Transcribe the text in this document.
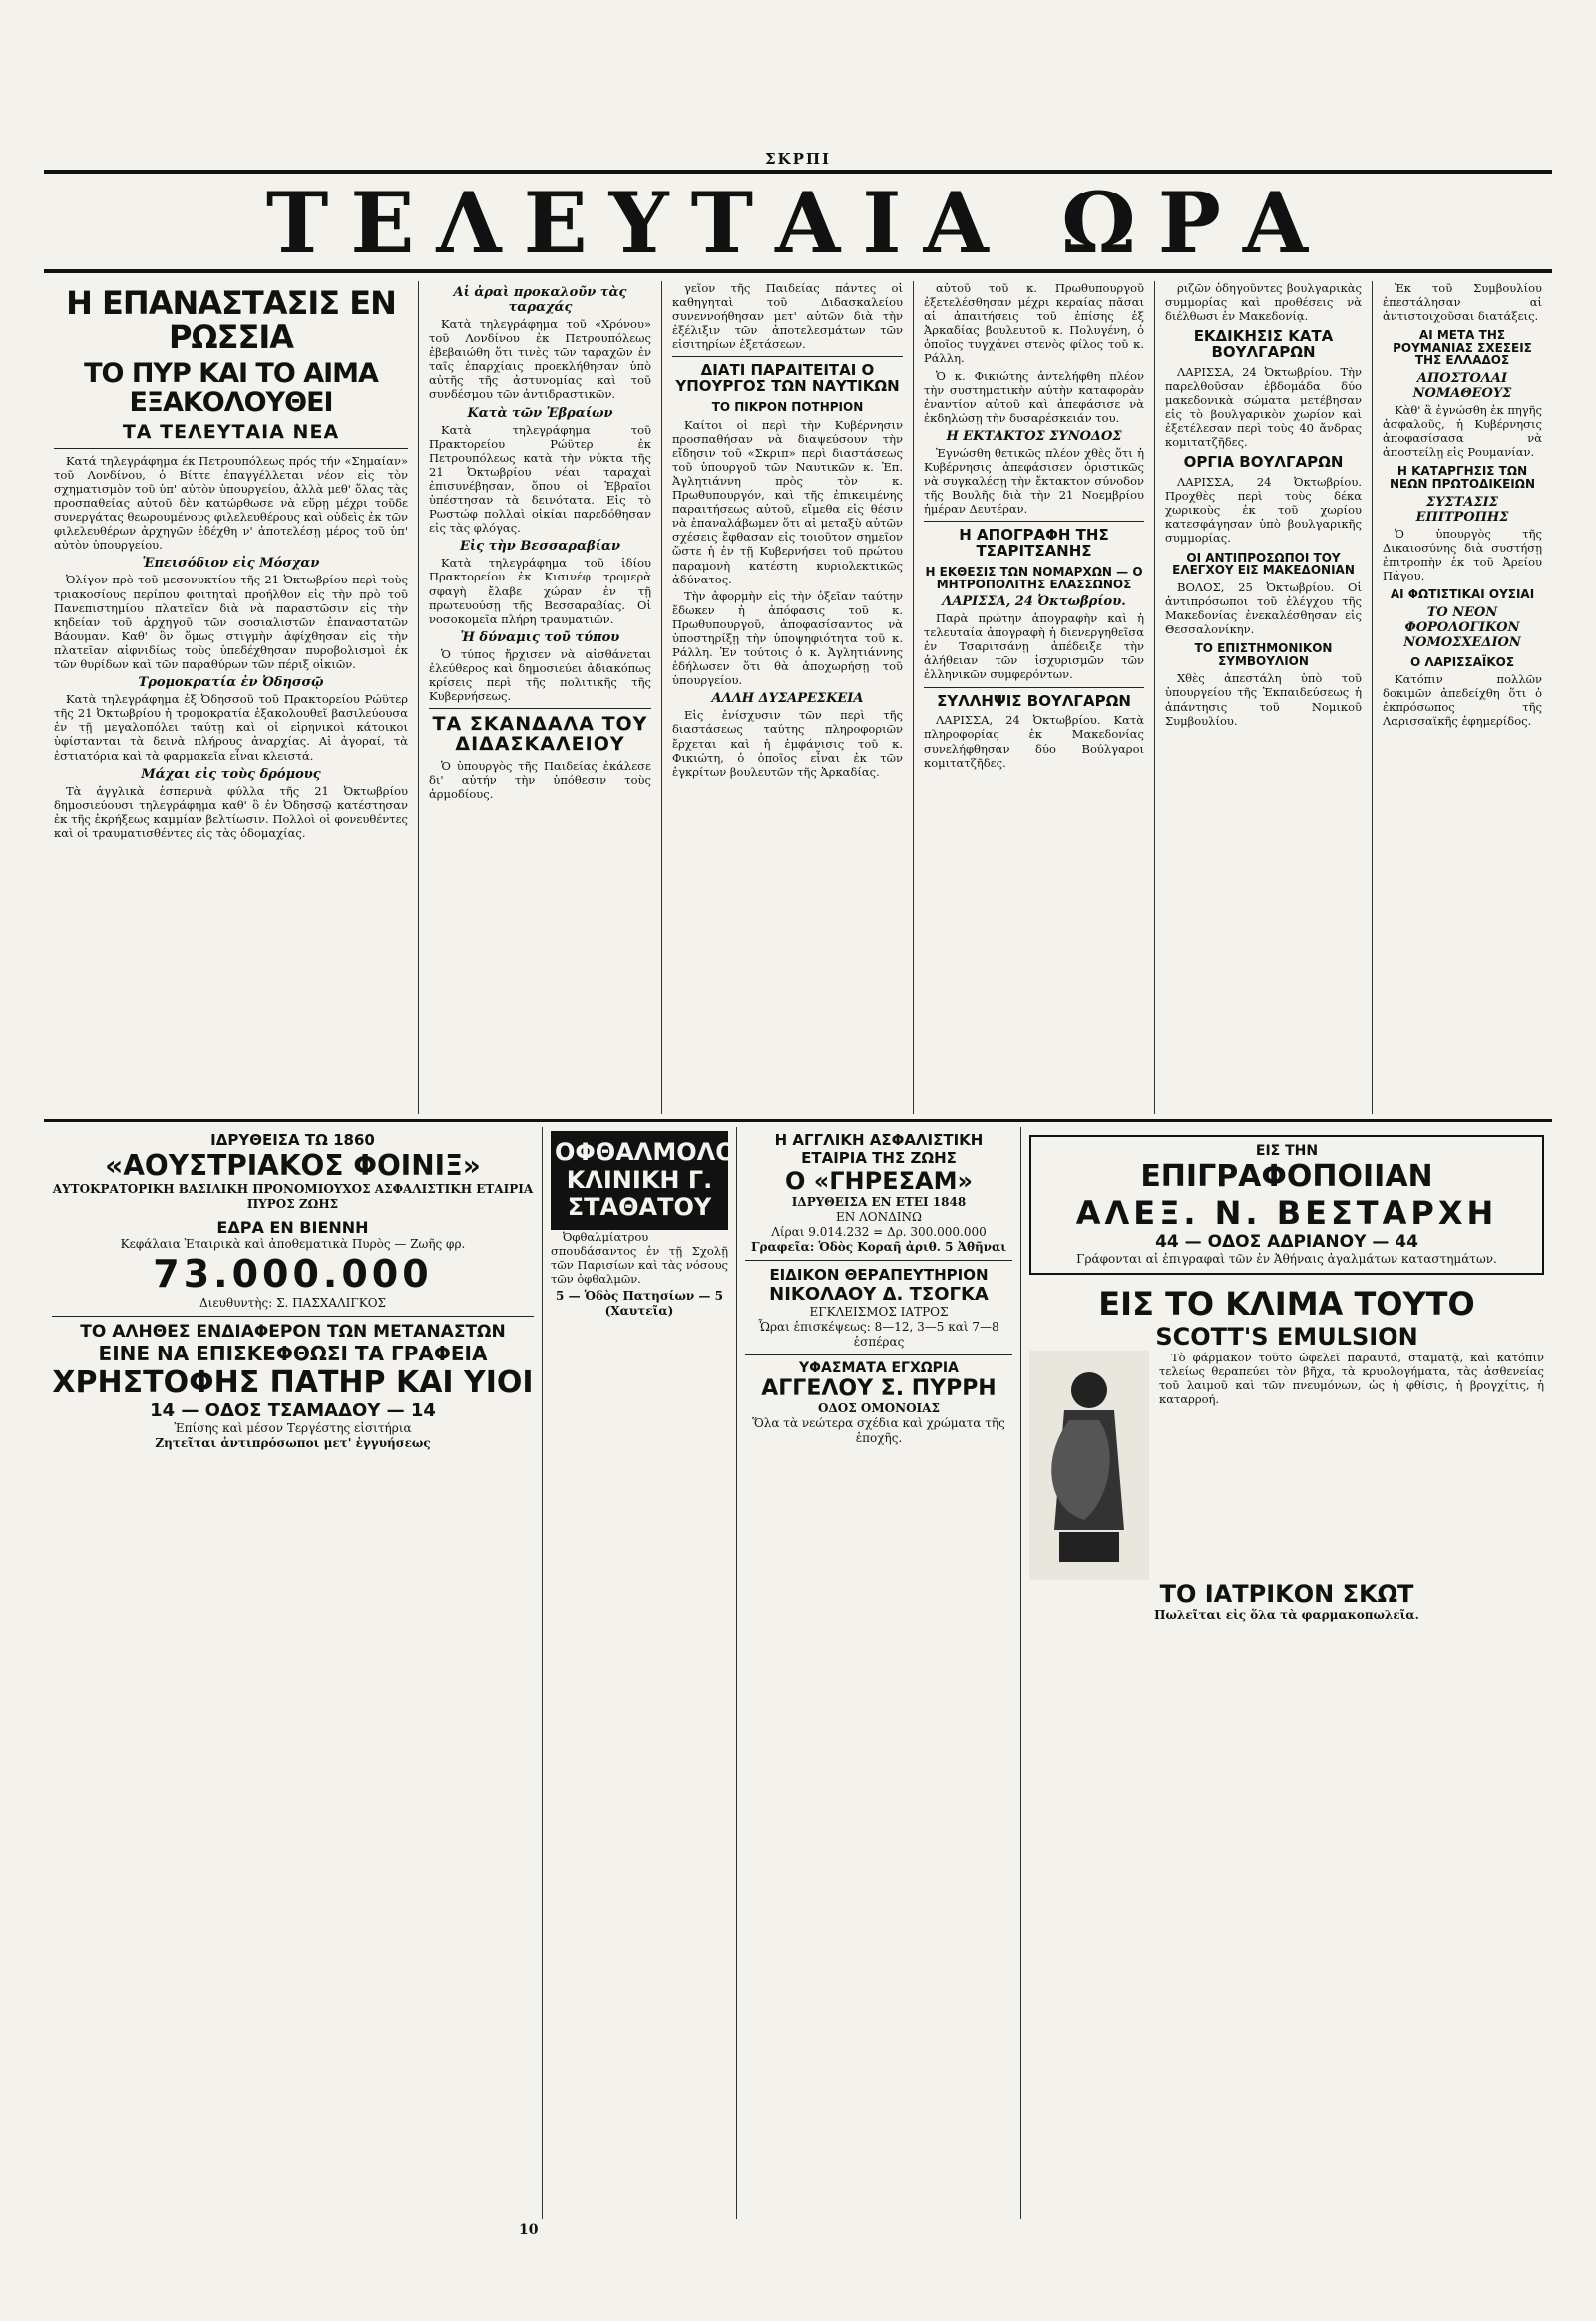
ΣΚΡΠΙ
ΤΕΛΕΥΤΑΙΑ ΩΡΑ
Η ΕΠΑΝΑΣΤΑΣΙΣ ΕΝ ΡΩΣΣΙΑ
ΤΟ ΠΥΡ ΚΑΙ ΤΟ ΑΙΜΑ ΕΞΑΚΟΛΟΥΘΕΙ
ΤΑ ΤΕΛΕΥΤΑΙΑ ΝΕΑ

Κατά τηλεγράφημα έκ Πετρουπόλεως πρός τήν «Σημαίαν» τοῦ Λονδίνου, ὁ Βίττε ἐπαγγέλλεται νέον εἰς τὸν σχηματισμὸν τοῦ ὑπ' αὐτὸν ὑπουργείου, ἀλλὰ μεθ' ὅλας τὰς προσπαθείας αὐτοῦ δὲν κατώρθωσε νὰ εὕρῃ μέχρι τοῦδε συνεργάτας θεωρουμένους φιλελευθέρους καὶ οὐδεὶς ἐκ τῶν φιλελευθέρων ἀρχηγῶν ἐδέχθη ν' ἀποτελέσῃ μέρος τοῦ ὑπ' αὐτὸν ὑπουργείου.

Ἐπεισόδιον εἰς Μόσχαν

Ὀλίγον πρὸ τοῦ μεσονυκτίου τῆς 21 Ὀκτωβρίου περὶ τοὺς τριακοσίους περίπου φοιτηταὶ προήλθον εἰς τὴν πρὸ τοῦ Πανεπιστημίου πλατεῖαν διὰ νὰ παραστῶσιν εἰς τὴν κηδείαν τοῦ ἀρχηγοῦ τῶν σοσιαλιστῶν ἐπαναστατῶν Βάουμαν. Καθ' ὃν ὅμως στιγμὴν ἀφίχθησαν εἰς τὴν πλατεῖαν αἰφνιδίως τοὺς ὑπεδέχθησαν πυροβολισμοὶ ἐκ τῶν θυρίδων καὶ τῶν παραθύρων τῶν πέριξ οἰκιῶν.

Τρομοκρατία ἐν Ὀδησσῷ

Κατὰ τηλεγράφημα ἐξ Ὀδησσοῦ τοῦ Πρακτορείου Ρώϋτερ τῆς 21 Ὀκτωβρίου ἡ τρομοκρατία ἐξακολουθεῖ βασιλεύουσα ἐν τῇ μεγαλοπόλει ταύτῃ καὶ οἱ εἰρηνικοὶ κάτοικοι ὑφίστανται τὰ δεινὰ πλήρους ἀναρχίας. Αἱ ἀγοραί, τὰ ἐστιατόρια καὶ τὰ φαρμακεῖα εἶναι κλειστά.

Μάχαι εἰς τοὺς δρόμους

Τὰ ἀγγλικὰ ἑσπερινὰ φύλλα τῆς 21 Ὀκτωβρίου δημοσιεύουσι τηλεγράφημα καθ' ὃ ἐν Ὀδησσῷ κατέστησαν ἐκ τῆς ἐκρήξεως καμμίαν βελτίωσιν. Πολλοὶ οἱ φονευθέντες καὶ οἱ τραυματισθέντες εἰς τὰς ὁδομαχίας.

Αἱ ἀραὶ προκαλοῦν τὰς ταραχάς

Κατὰ τηλεγράφημα τοῦ «Χρόνου» τοῦ Λονδίνου ἐκ Πετρουπόλεως ἐβεβαιώθη ὅτι τινὲς τῶν ταραχῶν ἐν ταῖς ἐπαρχίαις προεκλήθησαν ὑπὸ αὐτῆς τῆς ἀστυνομίας καὶ τοῦ συνδέσμου τῶν ἀντιδραστικῶν.

Κατὰ τῶν Ἑβραίων

Κατὰ τηλεγράφημα τοῦ Πρακτορείου Ρώϋτερ ἐκ Πετρουπόλεως κατὰ τὴν νύκτα τῆς 21 Ὀκτωβρίου νέαι ταραχαὶ ἐπισυνέβησαν, ὅπου οἱ Ἑβραῖοι ὑπέστησαν τὰ δεινότατα. Εἰς τὸ Ρωστώφ πολλαὶ οἰκίαι παρεδόθησαν εἰς τὰς φλόγας.

Εἰς τὴν Βεσσαραβίαν

Κατὰ τηλεγράφημα τοῦ ἰδίου Πρακτορείου ἐκ Κισινέφ τρομερὰ σφαγὴ ἔλαβε χώραν ἐν τῇ πρωτευούσῃ τῆς Βεσσαραβίας. Οἱ νοσοκομεῖα πλήρη τραυματιῶν.

Ἡ δύναμις τοῦ τύπου

Ὁ τύπος ἤρχισεν νὰ αἰσθάνεται ἐλεύθερος καὶ δημοσιεύει ἀδιακόπως κρίσεις περὶ τῆς πολιτικῆς τῆς Κυβερνήσεως.

ΤΑ ΣΚΑΝΔΑΛΑ ΤΟΥ ΔΙΔΑΣΚΑΛΕΙΟΥ

Ὁ ὑπουργὸς τῆς Παιδείας ἐκάλεσε δι' αὐτήν τὴν ὑπόθεσιν τοὺς ἁρμοδίους.

γεῖον τῆς Παιδείας πάντες οἱ καθηγηταὶ τοῦ Διδασκαλείου συνεννοήθησαν μετ' αὐτῶν διὰ τὴν ἐξέλιξιν τῶν ἀποτελεσμάτων τῶν εἰσιτηρίων ἐξετάσεων.

ΔΙΑΤΙ ΠΑΡΑΙΤΕΙΤΑΙ Ο ΥΠΟΥΡΓΟΣ ΤΩΝ ΝΑΥΤΙΚΩΝ
ΤΟ ΠΙΚΡΟΝ ΠΟΤΗΡΙΟΝ

Καίτοι οἱ περὶ τὴν Κυβέρνησιν προσπαθήσαν νὰ διαψεύσουν τὴν εἴδησιν τοῦ «Σκριπ» περὶ διαστάσεως τοῦ ὑπουργοῦ τῶν Ναυτικῶν κ. Ἐπ. Ἀγλητιάννη πρὸς τὸν κ. Πρωθυπουργόν, καὶ τῆς ἐπικειμένης παραιτήσεως αὐτοῦ, εἴμεθα εἰς θέσιν νὰ ἐπαναλάβωμεν ὅτι αἱ μεταξὺ αὐτῶν σχέσεις ἔφθασαν εἰς τοιοῦτον σημεῖον ὥστε ἡ ἐν τῇ Κυβερνήσει τοῦ πρώτου παραμονὴ κατέστη κυριολεκτικῶς ἀδύνατος.

Τὴν ἀφορμὴν εἰς τὴν ὀξεῖαν ταύτην ἔδωκεν ἡ ἀπόφασις τοῦ κ. Πρωθυπουργοῦ, ἀποφασίσαντος νὰ ὑποστηρίξῃ τὴν ὑποψηφιότητα τοῦ κ. Ράλλη. Ἐν τούτοις ὁ κ. Ἀγλητιάννης ἐδήλωσεν ὅτι θὰ ἀποχωρήσῃ τοῦ ὑπουργείου.

ΑΛΛΗ ΔΥΣΑΡΕΣΚΕΙΑ

Εἰς ἐνίσχυσιν τῶν περὶ τῆς διαστάσεως ταύτης πληροφοριῶν ἔρχεται καὶ ἡ ἐμφάνισις τοῦ κ. Φικιώτη, ὁ ὁποῖος εἶναι ἐκ τῶν ἐγκρίτων βουλευτῶν τῆς Ἀρκαδίας.

αὐτοῦ τοῦ κ. Πρωθυπουργοῦ ἐξετελέσθησαν μέχρι κεραίας πᾶσαι αἱ ἀπαιτήσεις τοῦ ἐπίσης ἐξ Ἀρκαδίας βουλευτοῦ κ. Πολυγένη, ὁ ὁποῖος τυγχάνει στενὸς φίλος τοῦ κ. Ράλλη.

Ὁ κ. Φικιώτης ἀντελήφθη πλέον τὴν συστηματικὴν αὐτὴν καταφορὰν ἐναντίον αὐτοῦ καὶ ἀπεφάσισε νὰ ἐκδηλώσῃ τὴν δυσαρέσκειάν του.

Η ΕΚΤΑΚΤΟΣ ΣΥΝΟΔΟΣ

Ἐγνώσθη θετικῶς πλέον χθὲς ὅτι ἡ Κυβέρνησις ἀπεφάσισεν ὁριστικῶς νὰ συγκαλέσῃ τὴν ἔκτακτον σύνοδον τῆς Βουλῆς διὰ τὴν 21 Νοεμβρίου ἡμέραν Δευτέραν.

Η ΑΠΟΓΡΑΦΗ ΤΗΣ ΤΣΑΡΙΤΣΑΝΗΣ
Η ΕΚΘΕΣΙΣ ΤΩΝ ΝΟΜΑΡΧΩΝ — Ο ΜΗΤΡΟΠΟΛΙΤΗΣ ΕΛΑΣΣΩΝΟΣ
ΛΑΡΙΣΣΑ, 24 Ὀκτωβρίου.

Παρὰ πρώτην ἀπογραφὴν καὶ ἡ τελευταία ἀπογραφὴ ἡ διενεργηθεῖσα ἐν Τσαριτσάνῃ ἀπέδειξε τὴν ἀλήθειαν τῶν ἰσχυρισμῶν τῶν ἐλληνικῶν συμφερόντων.

ΣΥΛΛΗΨΙΣ ΒΟΥΛΓΑΡΩΝ

ΛΑΡΙΣΣΑ, 24 Ὀκτωβρίου. Κατὰ πληροφορίας ἐκ Μακεδονίας συνελήφθησαν δύο Βούλγαροι κομιτατζῆδες.

ριζῶν ὁδηγοῦντες βουλγαρικὰς συμμορίας καὶ προθέσεις νὰ διέλθωσι ἐν Μακεδονίᾳ.

ΕΚΔΙΚΗΣΙΣ ΚΑΤΑ ΒΟΥΛΓΑΡΩΝ

ΛΑΡΙΣΣΑ, 24 Ὀκτωβρίου. Τὴν παρελθοῦσαν ἑβδομάδα δύο μακεδονικὰ σώματα μετέβησαν εἰς τὸ βουλγαρικὸν χωρίον καὶ ἐξετέλεσαν περὶ τοὺς 40 ἄνδρας κομιτατζῆδες.

ΟΡΓΙΑ ΒΟΥΛΓΑΡΩΝ

ΛΑΡΙΣΣΑ, 24 Ὀκτωβρίου. Προχθὲς περὶ τοὺς δέκα χωρικοὺς ἐκ τοῦ χωρίου κατεσφάγησαν ὑπὸ βουλγαρικῆς συμμορίας.

ΟΙ ΑΝΤΙΠΡΟΣΩΠΟΙ ΤΟΥ ΕΛΕΓΧΟΥ ΕΙΣ ΜΑΚΕΔΟΝΙΑΝ

ΒΟΛΟΣ, 25 Ὀκτωβρίου. Οἱ ἀντιπρόσωποι τοῦ ἐλέγχου τῆς Μακεδονίας ἐνεκαλέσθησαν εἰς Θεσσαλονίκην.

ΤΟ ΕΠΙΣΤΗΜΟΝΙΚΟΝ ΣΥΜΒΟΥΛΙΟΝ

Χθὲς ἀπεστάλη ὑπὸ τοῦ ὑπουργείου τῆς Ἐκπαιδεύσεως ἡ ἀπάντησις τοῦ Νομικοῦ Συμβουλίου.

Ἐκ τοῦ Συμβουλίου ἐπεστάλησαν αἱ ἀντιστοιχοῦσαι διατάξεις.

ΑΙ ΜΕΤΑ ΤΗΣ ΡΟΥΜΑΝΙΑΣ ΣΧΕΣΕΙΣ ΤΗΣ ΕΛΛΑΔΟΣ
ΑΠΟΣΤΟΛΑΙ ΝΟΜΑΘΕΟΥΣ

Κὰθ' ἃ ἐγνώσθη ἐκ πηγῆς ἀσφαλοῦς, ἡ Κυβέρνησις ἀποφασίσασα νὰ ἀποστείλῃ εἰς Ρουμανίαν.

Η ΚΑΤΑΡΓΗΣΙΣ ΤΩΝ ΝΕΩΝ ΠΡΩΤΟΔΙΚΕΙΩΝ
ΣΥΣΤΑΣΙΣ ΕΠΙΤΡΟΠΗΣ

Ὁ ὑπουργὸς τῆς Δικαιοσύνης διὰ συστήσῃ ἐπιτροπὴν ἐκ τοῦ Ἀρείου Πάγου.

ΑΙ ΦΩΤΙΣΤΙΚΑΙ ΟΥΣΙΑΙ
ΤΟ ΝΕΟΝ ΦΟΡΟΛΟΓΙΚΟΝ ΝΟΜΟΣΧΕΔΙΟΝ
Ο ΛΑΡΙΣΣΑΪΚΟΣ

Κατόπιν πολλῶν δοκιμῶν ἀπεδείχθη ὅτι ὁ ἐκπρόσωπος τῆς Λαρισσαϊκῆς ἐφημερίδος.

ΙΔΡΥΘΕΙΣΑ ΤΩ 1860
«ΑΟΥΣΤΡΙΑΚΟΣ ΦΟΙΝΙΞ»
ΑΥΤΟΚΡΑΤΟΡΙΚΗ ΒΑΣΙΛΙΚΗ ΠΡΟΝΟΜΙΟΥΧΟΣ ΑΣΦΑΛΙΣΤΙΚΗ ΕΤΑΙΡΙΑ ΠΥΡΟΣ ΖΩΗΣ
ΕΔΡΑ ΕΝ ΒΙΕΝΝΗ
Κεφάλαια Ἑταιρικὰ καὶ ἀποθεματικὰ Πυρὸς — Ζωῆς φρ.
73.000.000
Διευθυντὴς: Σ. ΠΑΣΧΑΛΙΓΚΟΣ
ΤΟ ΑΛΗΘΕΣ ΕΝΔΙΑΦΕΡΟΝ ΤΩΝ ΜΕΤΑΝΑΣΤΩΝ
ΕΙΝΕ ΝΑ ΕΠΙΣΚΕΦΘΩΣΙ ΤΑ ΓΡΑΦΕΙΑ
ΧΡΗΣΤΟΦΗΣ ΠΑΤΗΡ ΚΑΙ ΥΙΟΙ
14 — ΟΔΟΣ ΤΣΑΜΑΔΟΥ — 14
Ἐπίσης καὶ μέσον Τεργέστης εἰσιτήρια
Ζητεῖται ἀντιπρόσωποι μετ' ἐγγυήσεως
ΟΦΘΑΛΜΟΛΟΓΙΚΗ ΚΛΙΝΙΚΗ Γ. ΣΤΑΘΑΤΟΥ

Ὀφθαλμίατρου σπουδάσαντος ἐν τῇ Σχολῇ τῶν Παρισίων καὶ τὰς νόσους τῶν ὀφθαλμῶν.

5 — Ὁδὸς Πατησίων — 5 (Χαυτεῖα)
Η ΑΓΓΛΙΚΗ ΑΣΦΑΛΙΣΤΙΚΗ ΕΤΑΙΡΙΑ ΤΗΣ ΖΩΗΣ
Ο «ΓΗΡΕΣΑΜ»
ΙΔΡΥΘΕΙΣΑ ΕΝ ΕΤΕΙ 1848
ΕΝ ΛΟΝΔΙΝΩ
Λίραι 9.014.232 = Δρ. 300.000.000
Γραφεῖα: Ὁδὸς Κοραῆ ἀριθ. 5 Ἀθῆναι
ΕΙΔΙΚΟΝ ΘΕΡΑΠΕΥΤΗΡΙΟΝ
ΝΙΚΟΛΑΟΥ Δ. ΤΣΟΓΚΑ
ΕΓΚΛΕΙΣΜΟΣ ΙΑΤΡΟΣ
Ὧραι ἐπισκέψεως: 8—12, 3—5 καὶ 7—8 ἑσπέρας
ΥΦΑΣΜΑΤΑ ΕΓΧΩΡΙΑ
ΑΓΓΕΛΟΥ Σ. ΠΥΡΡΗ
ΟΔΟΣ ΟΜΟΝΟΙΑΣ
Ὅλα τὰ νεώτερα σχέδια καὶ χρώματα τῆς ἐποχῆς.
ΕΙΣ ΤΗΝ
ΕΠΙΓΡΑΦΟΠΟΙΙΑΝ
ΑΛΕΞ. Ν. ΒΕΣΤΑΡΧΗ
44 — ΟΔΟΣ ΑΔΡΙΑΝΟΥ — 44
Γράφονται αἱ ἐπιγραφαὶ τῶν ἐν Ἀθήναις ἀγαλμάτων καταστημάτων.
ΕΙΣ ΤΟ ΚΛΙΜΑ ΤΟΥΤΟ
SCOTT'S EMULSION

Τὸ φάρμακον τοῦτο ὠφελεῖ παραυτά, σταματᾷ, καὶ κατόπιν τελείως θεραπεύει τὸν βῆχα, τὰ κρυολογήματα, τὰς ἀσθενείας τοῦ λαιμοῦ καὶ τῶν πνευμόνων, ὡς ἡ φθίσις, ἡ βρογχίτις, ἡ καταρροή.

ΤΟ ΙΑΤΡΙΚΟΝ ΣΚΩΤ
Πωλεῖται εἰς ὅλα τὰ φαρμακοπωλεῖα.
10
